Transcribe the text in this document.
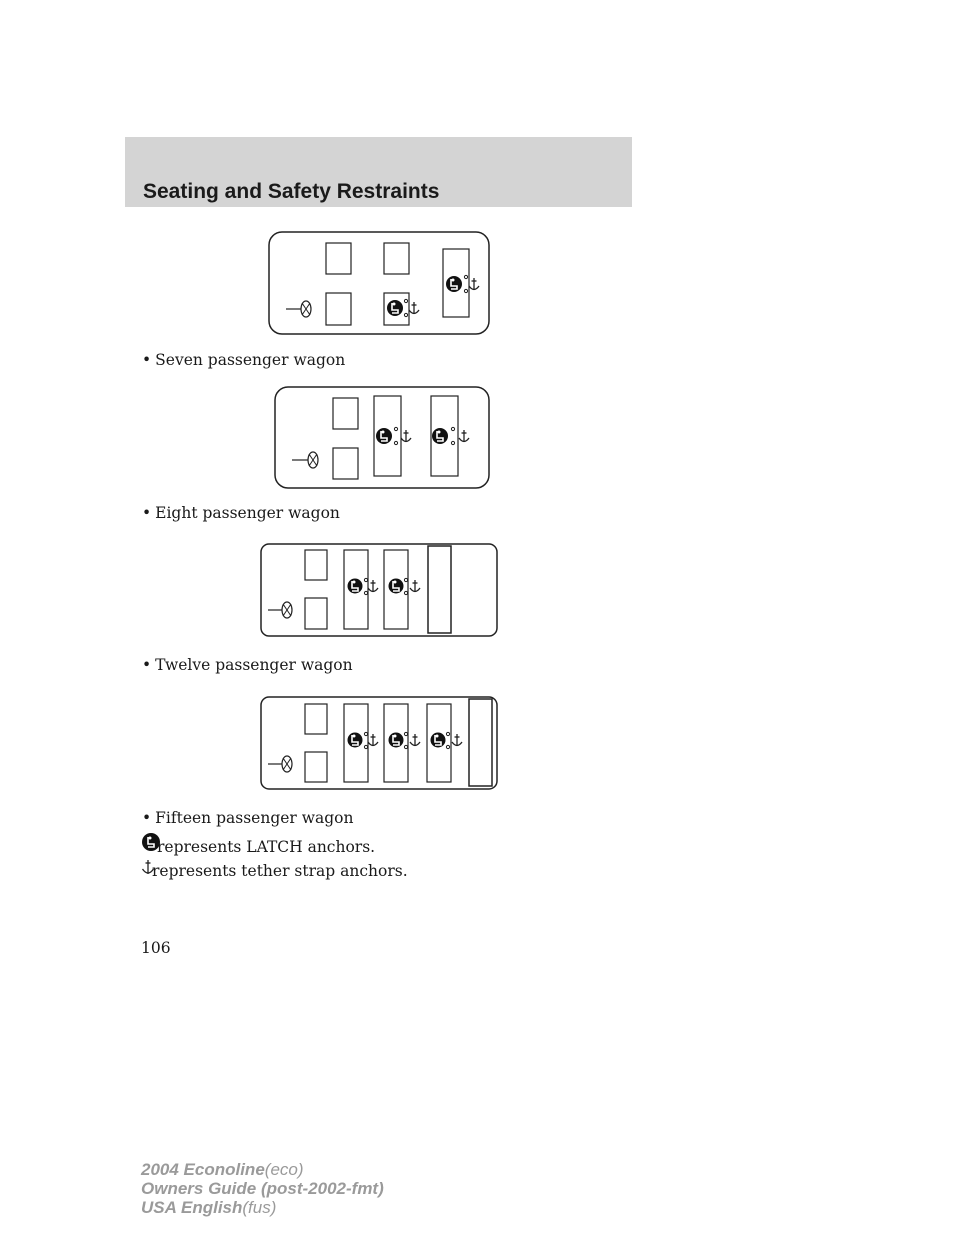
Seating and Safety Restraints
• Seven passenger wagon
• Eight passenger wagon
• Twelve passenger wagon
• Fifteen passenger wagon
represents LATCH anchors.
represents tether strap anchors.
106
2004 Econoline(eco)
Owners Guide (post-2002-fmt)
USA English(fus)
